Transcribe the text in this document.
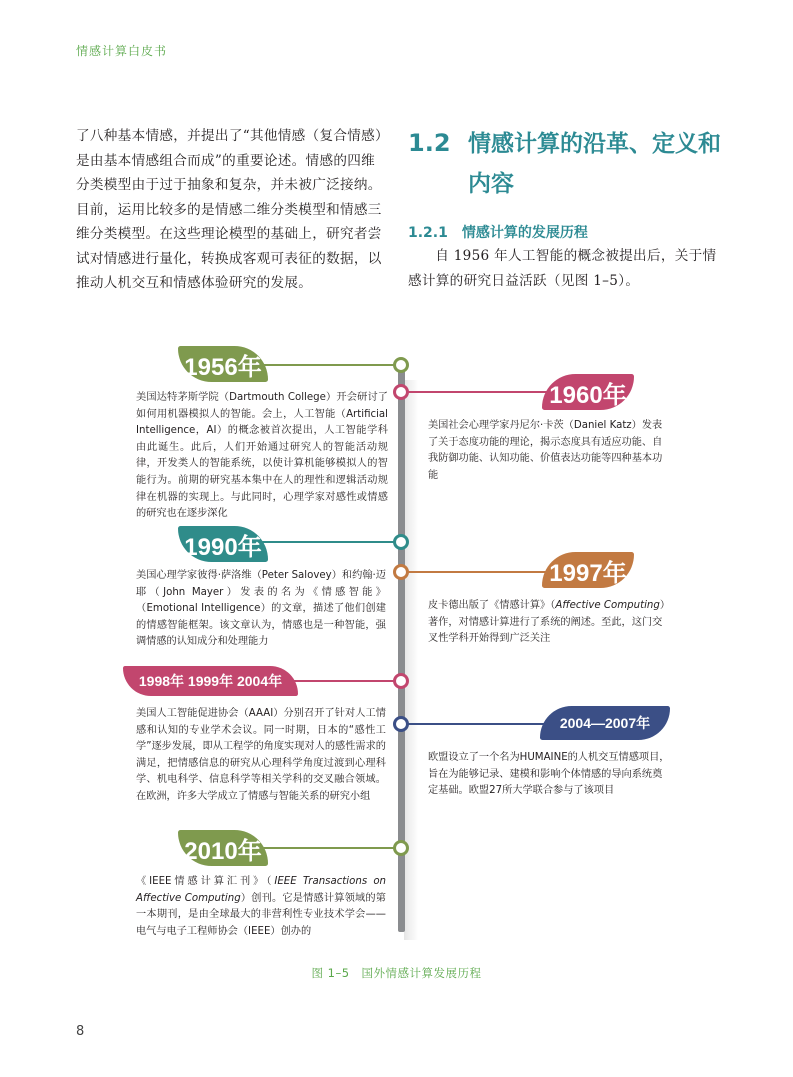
情感计算白皮书

了八种基本情感，并提出了“其他情感（复合情感）是由基本情感组合而成”的重要论述。情感的四维分类模型由于过于抽象和复杂，并未被广泛接纳。目前，运用比较多的是情感二维分类模型和情感三维分类模型。在这些理论模型的基础上，研究者尝试对情感进行量化，转换成客观可表征的数据，以推动人机交互和情感体验研究的发展。

1.2 情感计算的沿革、定义和内容
1.2.1 情感计算的发展历程

自 1956 年人工智能的概念被提出后，关于情感计算的研究日益活跃（见图 1–5）。

1956年
美国达特茅斯学院（Dartmouth College）开会研讨了如何用机器模拟人的智能。会上，人工智能（Artificial Intelligence，AI）的概念被首次提出，人工智能学科由此诞生。此后，人们开始通过研究人的智能活动规律，开发类人的智能系统，以使计算机能够模拟人的智能行为。前期的研究基本集中在人的理性和逻辑活动规律在机器的实现上。与此同时，心理学家对感性或情感的研究也在逐步深化
1960年
美国社会心理学家丹尼尔·卡茨（Daniel Katz）发表了关于态度功能的理论，揭示态度具有适应功能、自我防御功能、认知功能、价值表达功能等四种基本功能
1990年
美国心理学家彼得·萨洛维（Peter Salovey）和约翰·迈耶（John Mayer）发表的名为《情感智能》（Emotional Intelligence）的文章，描述了他们创建的情感智能框架。该文章认为，情感也是一种智能，强调情感的认知成分和处理能力
1997年
皮卡德出版了《情感计算》（Affective Computing）著作，对情感计算进行了系统的阐述。至此，这门交叉性学科开始得到广泛关注
1998年 1999年 2004年
美国人工智能促进协会（AAAI）分别召开了针对人工情感和认知的专业学术会议。同一时期，日本的“感性工学”逐步发展，即从工程学的角度实现对人的感性需求的满足，把情感信息的研究从心理科学角度过渡到心理科学、机电科学、信息科学等相关学科的交叉融合领域。在欧洲，许多大学成立了情感与智能关系的研究小组
2004—2007年
欧盟设立了一个名为HUMAINE的人机交互情感项目，旨在为能够记录、建模和影响个体情感的导向系统奠定基础。欧盟27所大学联合参与了该项目
2010年
《IEEE情感计算汇刊》（IEEE Transactions on Affective Computing）创刊。它是情感计算领域的第一本期刊，是由全球最大的非营利性专业技术学会——电气与电子工程师协会（IEEE）创办的
图 1–5　国外情感计算发展历程
8
